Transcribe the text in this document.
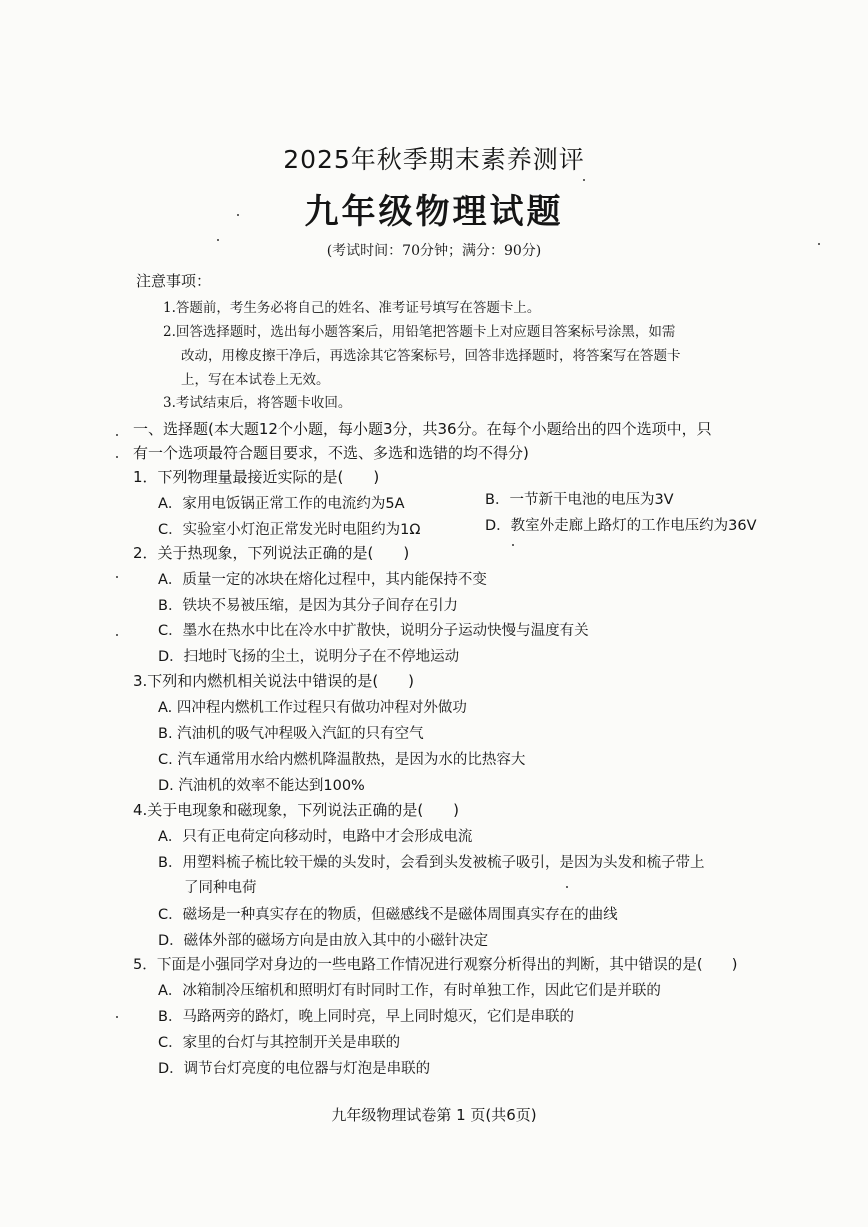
2025年秋季期末素养测评
九年级物理试题
(考试时间：70分钟；满分：90分)
注意事项：
1.答题前，考生务必将自己的姓名、准考证号填写在答题卡上。
2.回答选择题时，选出每小题答案后，用铅笔把答题卡上对应题目答案标号涂黑，如需
改动，用橡皮擦干净后，再选涂其它答案标号，回答非选择题时，将答案写在答题卡
上，写在本试卷上无效。
3.考试结束后，将答题卡收回。
一、选择题(本大题12个小题，每小题3分，共36分。在每个小题给出的四个选项中，只
有一个选项最符合题目要求，不选、多选和选错的均不得分)
1．下列物理量最接近实际的是(　　)
A．家用电饭锅正常工作的电流约为5A	B．一节新干电池的电压为3V
C．实验室小灯泡正常发光时电阻约为1Ω	D．教室外走廊上路灯的工作电压约为36V
2．关于热现象，下列说法正确的是(　　)
A．质量一定的冰块在熔化过程中，其内能保持不变
B．铁块不易被压缩，是因为其分子间存在引力
C．墨水在热水中比在冷水中扩散快，说明分子运动快慢与温度有关
D．扫地时飞扬的尘土，说明分子在不停地运动
3.下列和内燃机相关说法中错误的是(　　)
A. 四冲程内燃机工作过程只有做功冲程对外做功
B. 汽油机的吸气冲程吸入汽缸的只有空气
C. 汽车通常用水给内燃机降温散热，是因为水的比热容大
D. 汽油机的效率不能达到100%
4.关于电现象和磁现象，下列说法正确的是(　　)
A．只有正电荷定向移动时，电路中才会形成电流
B．用塑料梳子梳比较干燥的头发时，会看到头发被梳子吸引，是因为头发和梳子带上
了同种电荷
C．磁场是一种真实存在的物质，但磁感线不是磁体周围真实存在的曲线
D．磁体外部的磁场方向是由放入其中的小磁针决定
5．下面是小强同学对身边的一些电路工作情况进行观察分析得出的判断，其中错误的是(　　)
A．冰箱制冷压缩机和照明灯有时同时工作，有时单独工作，因此它们是并联的
B．马路两旁的路灯，晚上同时亮，早上同时熄灭，它们是串联的
C．家里的台灯与其控制开关是串联的
D．调节台灯亮度的电位器与灯泡是串联的
九年级物理试卷第 1 页(共6页)
